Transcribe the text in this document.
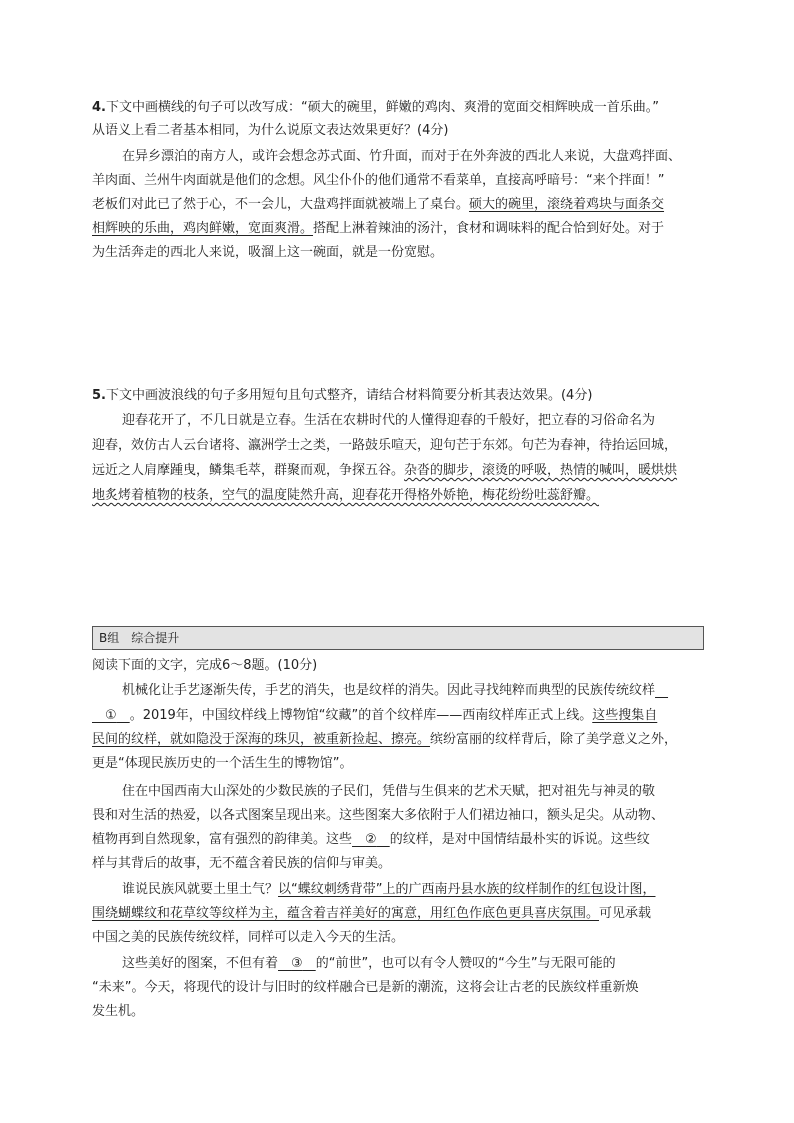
4.下文中画横线的句子可以改写成：“硕大的碗里，鲜嫩的鸡肉、爽滑的宽面交相辉映成一首乐曲。”
从语义上看二者基本相同，为什么说原文表达效果更好？(4分)
在异乡漂泊的南方人，或许会想念苏式面、竹升面，而对于在外奔波的西北人来说，大盘鸡拌面、
羊肉面、兰州牛肉面就是他们的念想。风尘仆仆的他们通常不看菜单，直接高呼暗号：“来个拌面！”
老板们对此已了然于心，不一会儿，大盘鸡拌面就被端上了桌台。硕大的碗里，滚绕着鸡块与面条交
相辉映的乐曲，鸡肉鲜嫩，宽面爽滑。搭配上淋着辣油的汤汁，食材和调味料的配合恰到好处。对于
为生活奔走的西北人来说，吸溜上这一碗面，就是一份宽慰。
5.下文中画波浪线的句子多用短句且句式整齐，请结合材料简要分析其表达效果。(4分)
迎春花开了，不几日就是立春。生活在农耕时代的人懂得迎春的千般好，把立春的习俗命名为
迎春，效仿古人云台诸将、瀛洲学士之类，一路鼓乐喧天，迎句芒于东郊。句芒为春神，待抬运回城，
远近之人肩摩踵曳，鳞集毛萃，群聚而观，争探五谷。杂沓的脚步，滚烫的呼吸，热情的喊叫，暖烘烘
地炙烤着植物的枝条，空气的温度陡然升高，迎春花开得格外娇艳，梅花纷纷吐蕊舒瓣。
B组　综合提升
阅读下面的文字，完成6～8题。(10分)
机械化让手艺逐渐失传，手艺的消失，也是纹样的消失。因此寻找纯粹而典型的民族传统纹样　
　①　 。2019年，中国纹样线上博物馆“纹藏”的首个纹样库——西南纹样库正式上线。这些搜集自
民间的纹样，就如隐没于深海的珠贝，被重新捡起、擦亮。缤纷富丽的纹样背后，除了美学意义之外，
更是“体现民族历史的一个活生生的博物馆”。
住在中国西南大山深处的少数民族的子民们，凭借与生俱来的艺术天赋，把对祖先与神灵的敬
畏和对生活的热爱，以各式图案呈现出来。这些图案大多依附于人们裙边袖口，额头足尖。从动物、
植物再到自然现象，富有强烈的韵律美。这些　 ②　 的纹样，是对中国情结最朴实的诉说。这些纹
样与其背后的故事，无不蕴含着民族的信仰与审美。
谁说民族风就要土里土气？以“蝶纹刺绣背带”上的广西南丹县水族的纹样制作的红包设计图，
围绕蝴蝶纹和花草纹等纹样为主，蕴含着吉祥美好的寓意，用红色作底色更具喜庆氛围。可见承载
中国之美的民族传统纹样，同样可以走入今天的生活。
这些美好的图案，不但有着　 ③　 的“前世”，也可以有令人赞叹的“今生”与无限可能的
“未来”。今天，将现代的设计与旧时的纹样融合已是新的潮流，这将会让古老的民族纹样重新焕
发生机。
